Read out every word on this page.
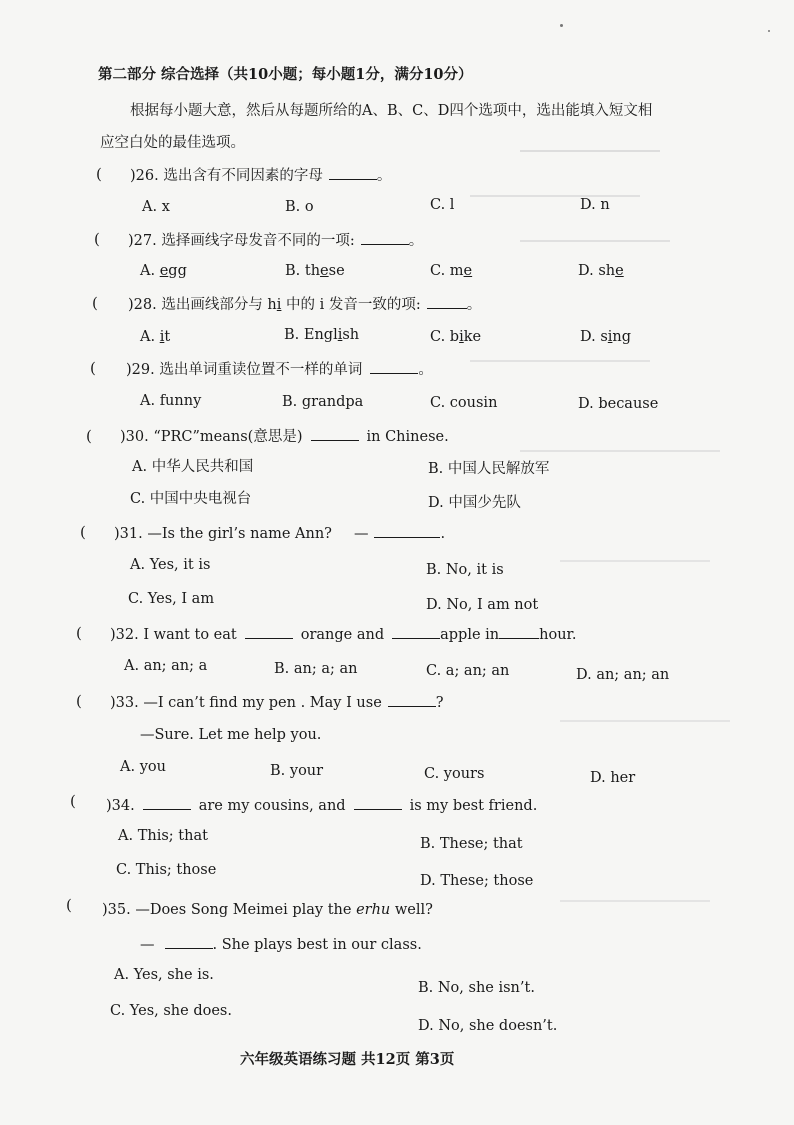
第二部分 综合选择（共10小题；每小题1分，满分10分）
根据每小题大意，然后从每题所给的A、B、C、D四个选项中，选出能填入短文相
应空白处的最佳选项。
( )26. 选出含有不同因素的字母	。
A. x	B. o	C. l	D. n
( )27. 选择画线字母发音不同的一项:	。
A. egg	B. these	C. me	D. she
( )28. 选出画线部分与 hi 中的 i 发音一致的项:	。
A. it	B. English	C. bike	D. sing
( )29. 选出单词重读位置不一样的单词	。
A. funny	B. grandpa	C. cousin	D. because
( )30. “PRC”means(意思是)	in Chinese.
A. 中华人民共和国	B. 中国人民解放军
C. 中国中央电视台	D. 中国少先队
( )31. —Is the girl’s name Ann? —	.
A. Yes, it is	B. No, it is
C. Yes, I am	D. No, I am not
( )32. I want to eat	orange and	apple in	hour.
A. an; an; a	B. an; a; an	C. a; an; an	D. an; an; an
( )33. —I can’t find my pen . May I use	?
—Sure. Let me help you.
A. you	B. your	C. yours	D. her
( )34.	are my cousins, and	is my best friend.
A. This; that	B. These; that
C. This; those
D. These; those
( )35. —Does Song Meimei play the erhu well?
—	. She plays best in our class.
A. Yes, she is.
B. No, she isn’t.
C. Yes, she does.
D. No, she doesn’t.
六年级英语练习题 共12页 第3页
